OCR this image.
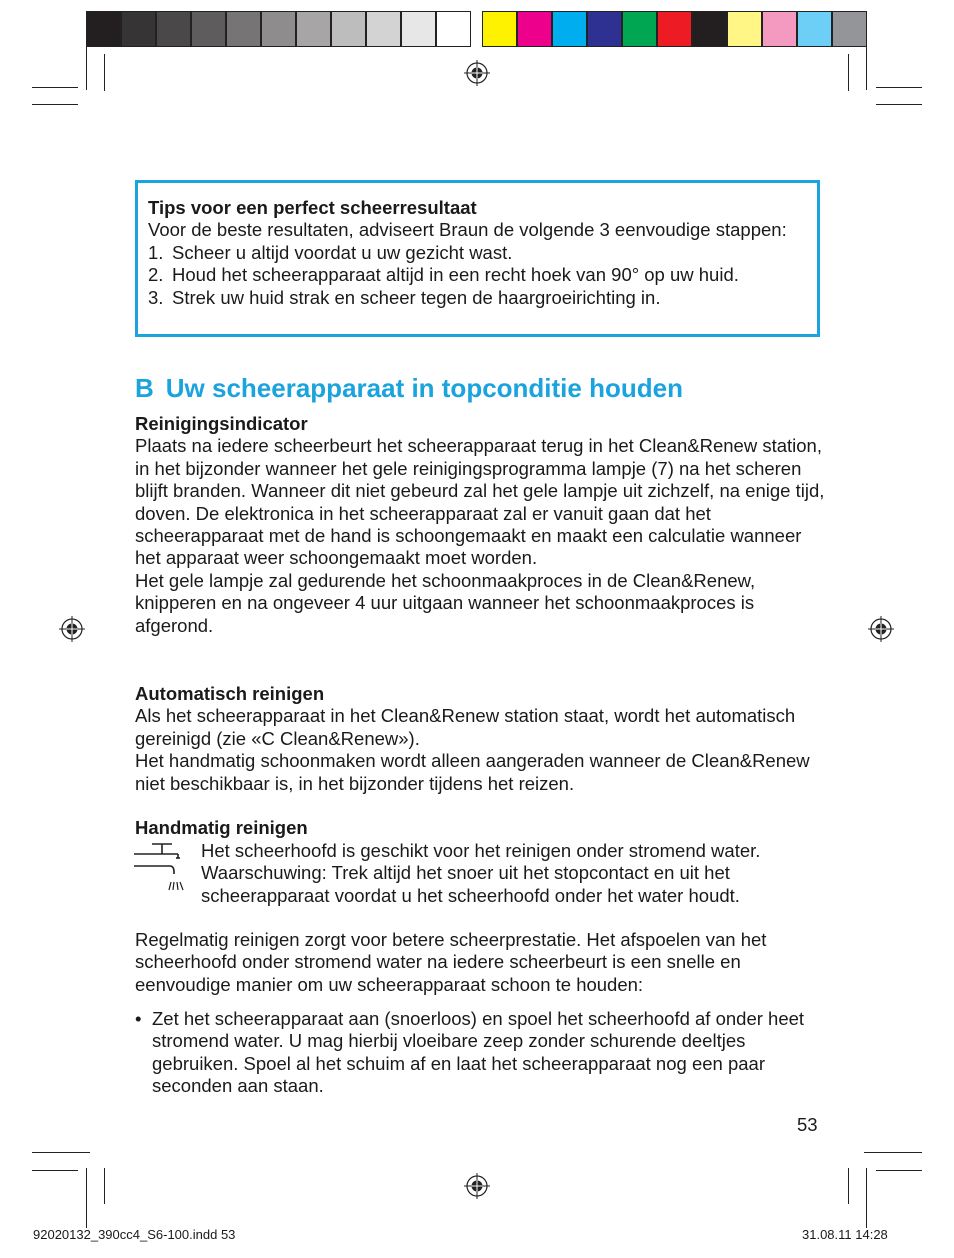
Tips voor een perfect scheerresultaat
Voor de beste resultaten, adviseert Braun de volgende 3 eenvoudige stappen:
1. Scheer u altijd voordat u uw gezicht wast.
2. Houd het scheerapparaat altijd in een recht hoek van 90° op uw huid.
3. Strek uw huid strak en scheer tegen de haargroeirichting in.
B Uw scheerapparaat in topconditie houden
Reinigingsindicator

Plaats na iedere scheerbeurt het scheerapparaat terug in het Clean&Renew station, in het bijzonder wanneer het gele reinigingsprogramma lampje (7) na het scheren blijft branden. Wanneer dit niet gebeurd zal het gele lampje uit zichzelf, na enige tijd, doven. De elektronica in het scheerapparaat zal er vanuit gaan dat het scheerapparaat met de hand is schoongemaakt en maakt een calculatie wanneer het apparaat weer schoongemaakt moet worden.

Het gele lampje zal gedurende het schoonmaakproces in de Clean&Renew, knipperen en na ongeveer 4 uur uitgaan wanneer het schoonmaakproces is afgerond.

Automatisch reinigen

Als het scheerapparaat in het Clean&Renew station staat, wordt het automatisch gereinigd (zie «C Clean&Renew»).

Het handmatig schoonmaken wordt alleen aangeraden wanneer de Clean&Renew niet beschikbaar is, in het bijzonder tijdens het reizen.

Handmatig reinigen

Het scheerhoofd is geschikt voor het reinigen onder stromend water. Waarschuwing: Trek altijd het snoer uit het stopcontact en uit het scheerapparaat voordat u het scheerhoofd onder het water houdt.

Regelmatig reinigen zorgt voor betere scheerprestatie. Het afspoelen van het scheerhoofd onder stromend water na iedere scheerbeurt is een snelle en eenvoudige manier om uw scheerapparaat schoon te houden:

• Zet het scheerapparaat aan (snoerloos) en spoel het scheerhoofd af onder heet stromend water. U mag hierbij vloeibare zeep zonder schurende deeltjes gebruiken. Spoel al het schuim af en laat het scheerapparaat nog een paar seconden aan staan.
53
92020132_390cc4_S6-100.indd 53	31.08.11 14:28
